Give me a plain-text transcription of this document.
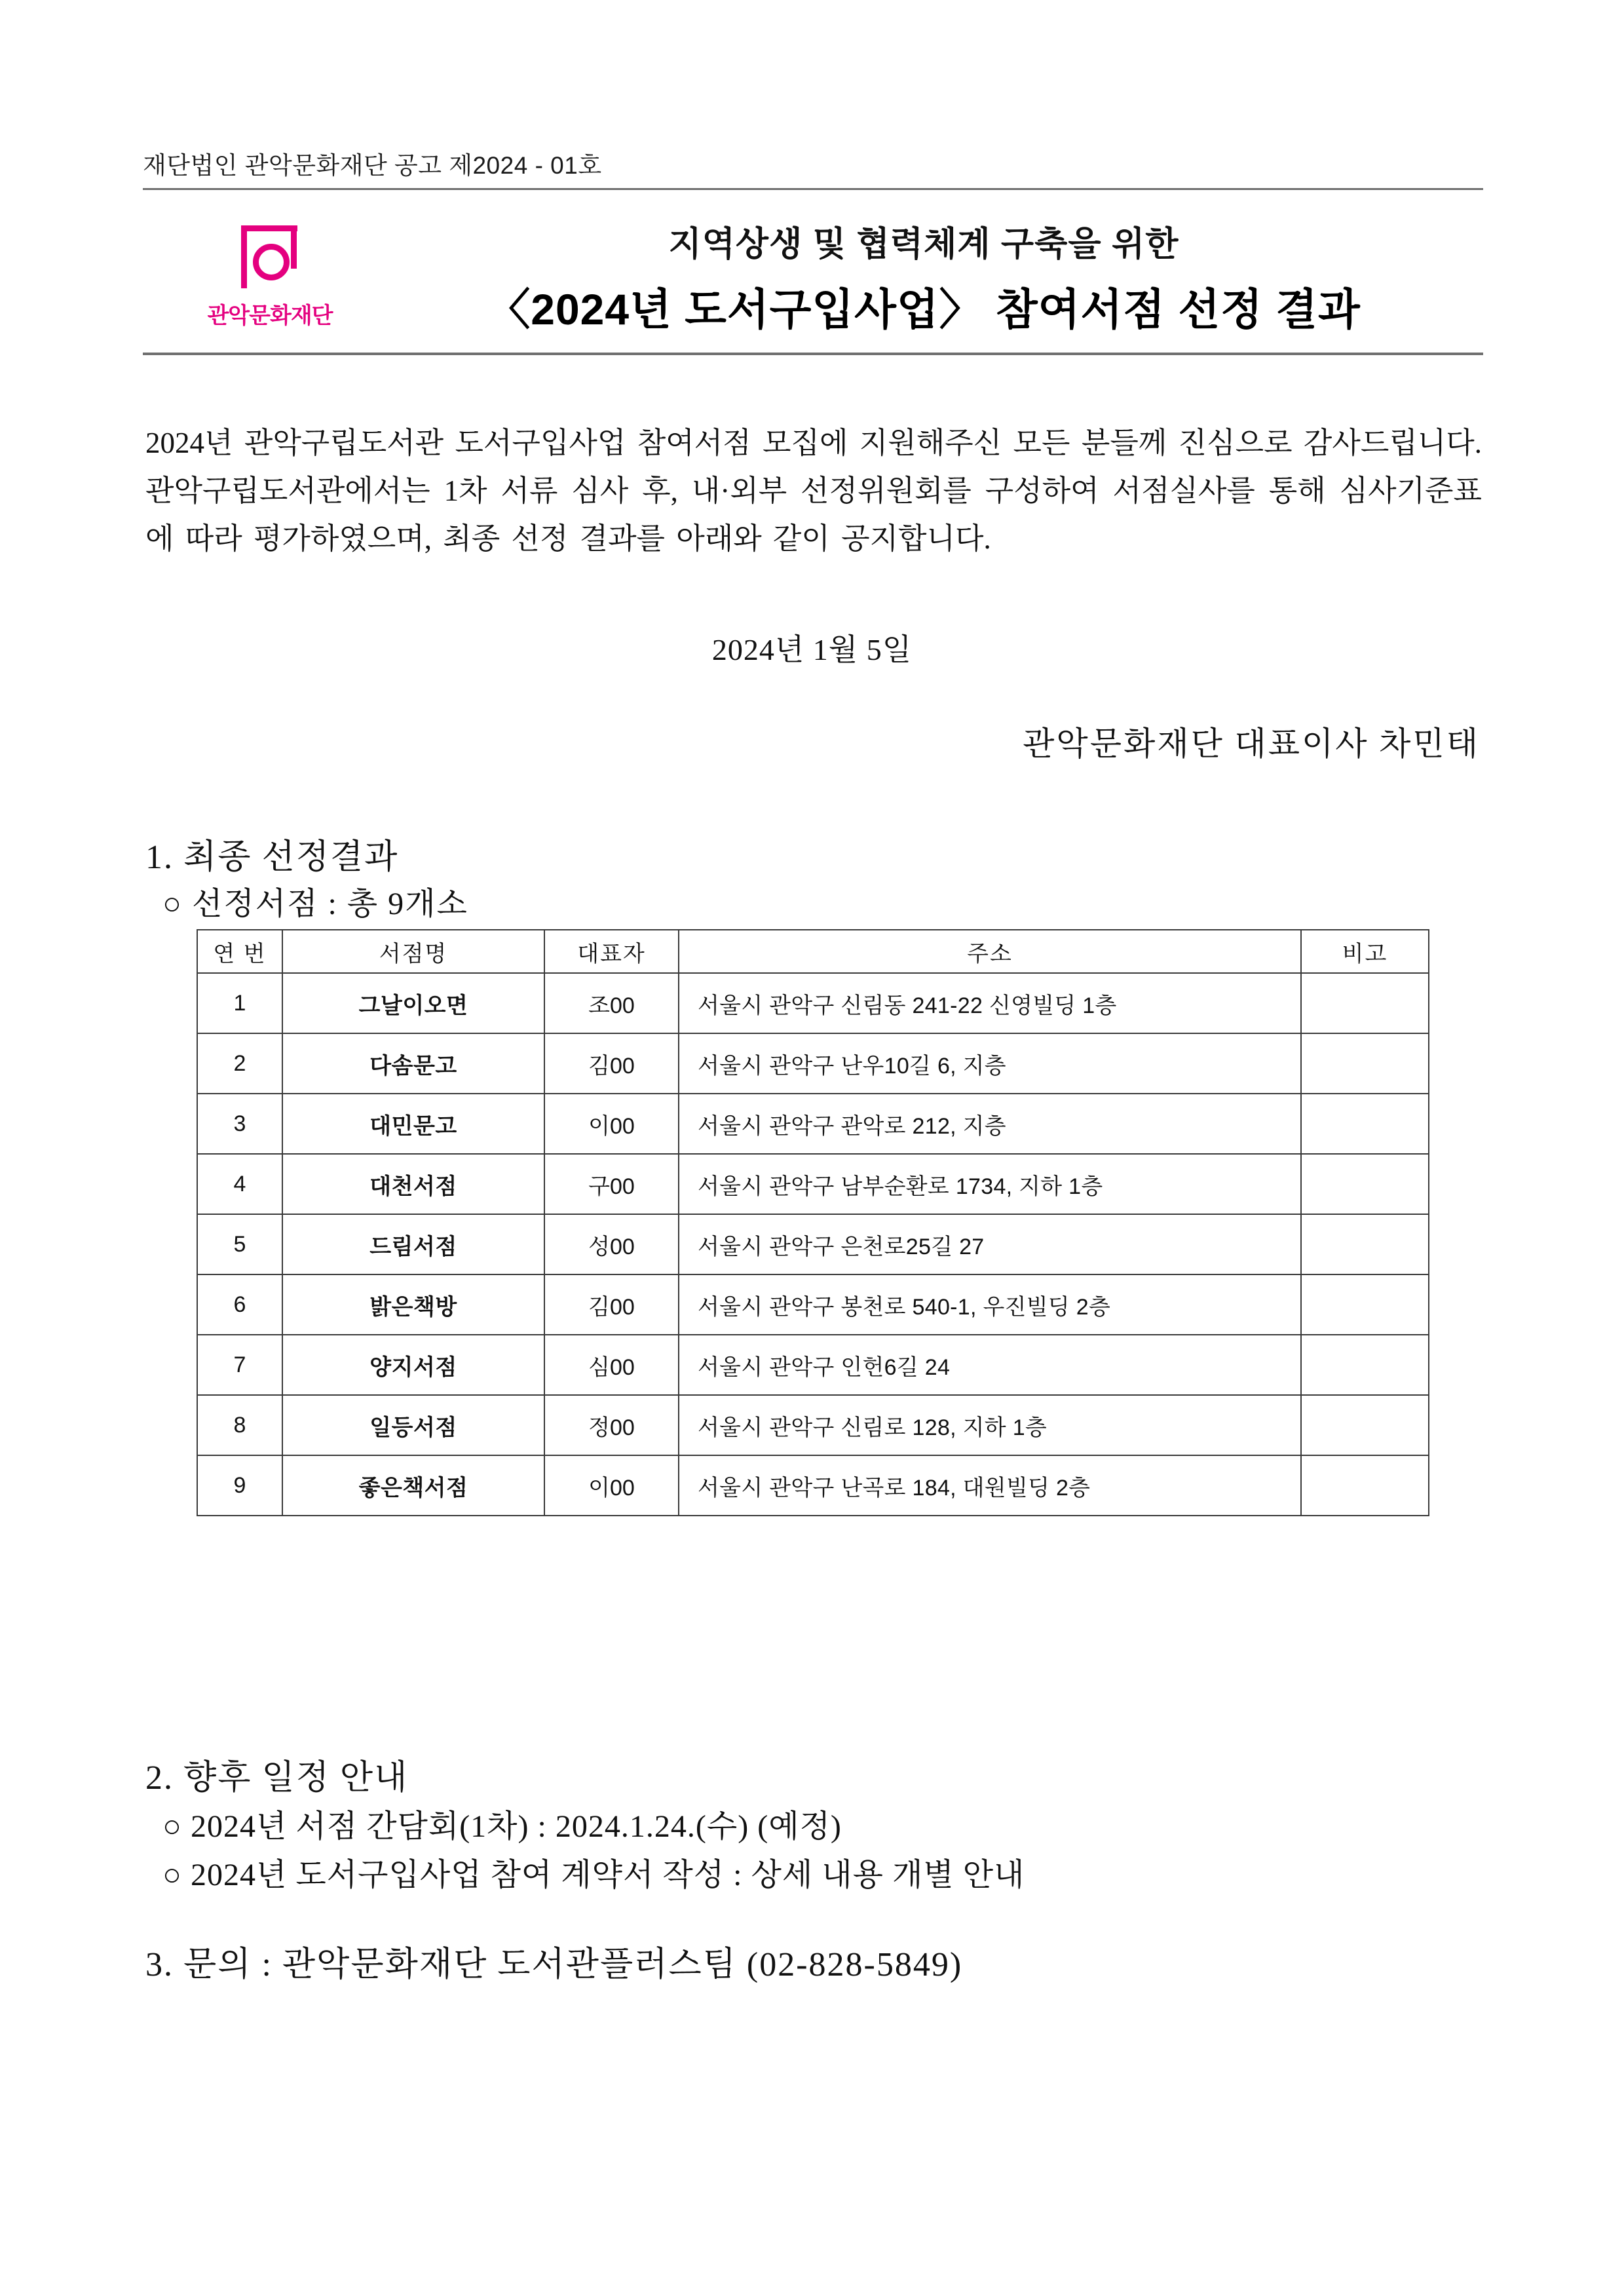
재단법인 관악문화재단 공고 제2024 - 01호
관악문화재단
지역상생 및 협력체계 구축을 위한
〈2024년 도서구입사업〉 참여서점 선정 결과
2024년 관악구립도서관 도서구입사업 참여서점 모집에 지원해주신 모든 분들께 진심으로 감사드립니다. 관악구립도서관에서는 1차 서류 심사 후, 내·외부 선정위원회를 구성하여 서점실사를 통해 심사기준표에 따라 평가하였으며, 최종 선정 결과를 아래와 같이 공지합니다.
2024년 1월 5일
관악문화재단 대표이사 차민태
1. 최종 선정결과
○ 선정서점 : 총 9개소
연 번	서점명	대표자	주소	비고
1	그날이오면	조00	서울시 관악구 신림동 241-22 신영빌딩 1층	
2	다솜문고	김00	서울시 관악구 난우10길 6, 지층	
3	대민문고	이00	서울시 관악구 관악로 212, 지층	
4	대천서점	구00	서울시 관악구 남부순환로 1734, 지하 1층	
5	드림서점	성00	서울시 관악구 은천로25길 27	
6	밝은책방	김00	서울시 관악구 봉천로 540-1, 우진빌딩 2층	
7	양지서점	심00	서울시 관악구 인헌6길 24	
8	일등서점	정00	서울시 관악구 신림로 128, 지하 1층	
9	좋은책서점	이00	서울시 관악구 난곡로 184, 대원빌딩 2층	
2. 향후 일정 안내
○ 2024년 서점 간담회(1차) : 2024.1.24.(수) (예정)
○ 2024년 도서구입사업 참여 계약서 작성 : 상세 내용 개별 안내
3. 문의 : 관악문화재단 도서관플러스팀 (02-828-5849)
